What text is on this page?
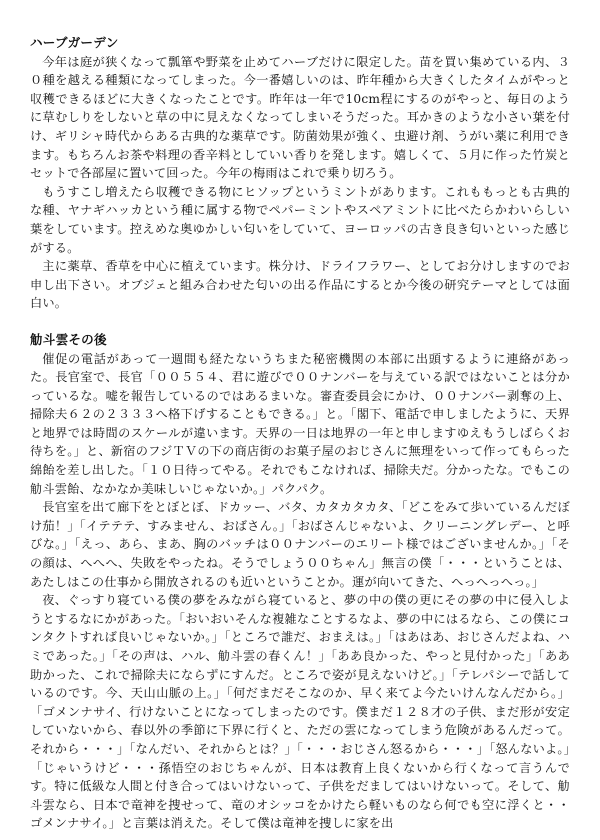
ハーブガーデン

今年は庭が狭くなって瓢箪や野菜を止めてハーブだけに限定した。苗を買い集めている内、３０種を越える種類になってしまった。今一番嬉しいのは、昨年種から大きくしたタイムがやっと収穫できるほどに大きくなったことです。昨年は一年で10cm程にするのがやっと、毎日のように草むしりをしないと草の中に見えなくなってしまいそうだった。耳かきのような小さい葉を付け、ギリシャ時代からある古典的な薬草です。防菌効果が強く、虫避け剤、うがい薬に利用できます。もちろんお茶や料理の香辛料としていい香りを発します。嬉しくて、５月に作った竹炭とセットで各部屋に置いて回った。今年の梅雨はこれで乗り切ろう。

もうすこし増えたら収穫できる物にヒソップというミントがあります。これももっとも古典的な種、ヤナギハッカという種に属する物でペパーミントやスペアミントに比べたらかわいらしい葉をしています。控えめな奥ゆかしい匂いをしていて、ヨーロッパの古き良き匂いといった感じがする。

主に薬草、香草を中心に植えています。株分け、ドライフラワー、としてお分けしますのでお申し出下さい。オブジェと組み合わせた匂いの出る作品にするとか今後の研究テーマとしては面白い。

觔斗雲その後

催促の電話があって一週間も経たないうちまた秘密機関の本部に出頭するように連絡があった。長官室で、長官「００５５４、君に遊びで００ナンバーを与えている訳ではないことは分かっているな。嘘を報告しているのではあるまいな。審査委員会にかけ、００ナンバー剥奪の上、掃除夫６２の２３３３へ格下げすることもできる。」と。「閣下、電話で申しましたように、天界と地界では時間のスケールが違います。天界の一日は地界の一年と申しますゆえもうしばらくお待ちを。」と、新宿のフジＴＶの下の商店街のお菓子屋のおじさんに無理をいって作ってもらった綿飴を差し出した。「１０日待ってやる。それでもこなければ、掃除夫だ。分かったな。でもこの觔斗雲飴、なかなか美味しいじゃないか。」パクパク。

長官室を出て廊下をとぼとぼ、ドカッー、バタ、カタカタカタ、「どこをみて歩いているんだぼけ茄！」「イテテテ、すみません、おばさん。」「おばさんじゃないよ、クリーニングレデー、と呼びな。」「えっ、あら、まあ、胸のバッチは００ナンバーのエリート様ではございませんか。」「その顔は、へへへ、失敗をやったね。そうでしょう００ちゃん」無言の僕「・・・ということは、あたしはこの仕事から開放されるのも近いということか。運が向いてきた、へっへっへっ。」

夜、ぐっすり寝ている僕の夢をみながら寝ていると、夢の中の僕の更にその夢の中に侵入しようとするなにかがあった。「おいおいそんな複雑なことするなよ、夢の中にはるなら、この僕にコンタクトすれば良いじゃないか。」「ところで誰だ、おまえは。」「はあはあ、おじさんだよね、ハミであった。」「その声は、ハル、觔斗雲の春くん！」「ああ良かった、やっと見付かった」「ああ助かった、これで掃除夫にならずにすんだ。ところで姿が見えないけど。」「テレパシーで話しているのです。今、天山山脈の上。」「何だまだそこなのか、早く来てよ今たいけんなんだから。」「ゴメンナサイ、行けないことになってしまったのです。僕まだ１２８才の子供、まだ形が安定していないから、春以外の季節に下界に行くと、ただの雲になってしまう危険があるんだって。それから・・・」「なんだい、それからとは？」「・・・おじさん怒るから・・・」「怒んないよ。」「じゃいうけど・・・孫悟空のおじちゃんが、日本は教育上良くないから行くなって言うんです。特に低級な人間と付き合ってはいけないって、子供をだましてはいけないって。そして、觔斗雲なら、日本で竜神を捜せって、竜のオシッコをかけたら軽いものなら何でも空に浮くと・・ゴメンナサイ。」と言葉は消えた。そして僕は竜神を捜しに家を出
